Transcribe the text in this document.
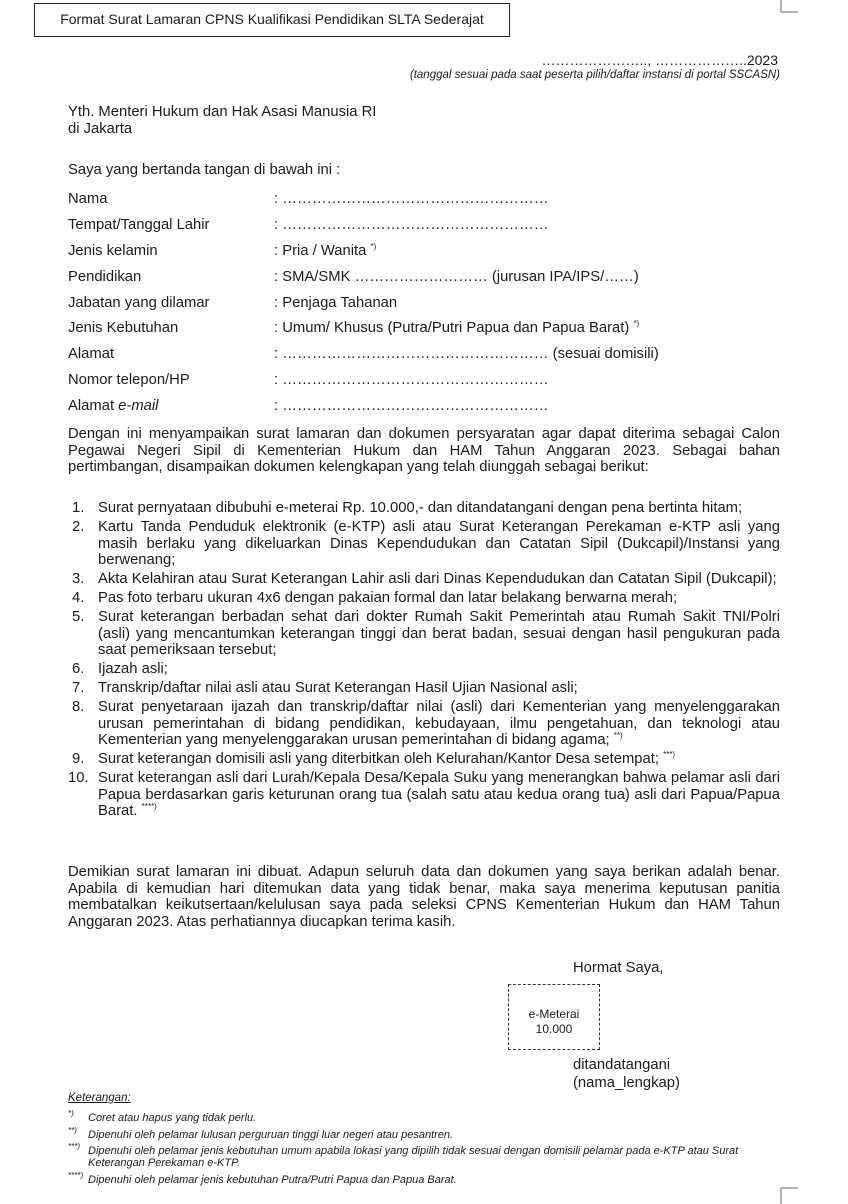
Format Surat Lamaran CPNS Kualifikasi Pendidikan SLTA Sederajat
………………….., ………………..2023
(tanggal sesuai pada saat peserta pilih/daftar instansi di portal SSCASN)
Yth. Menteri Hukum dan Hak Asasi Manusia RI
di Jakarta
Saya yang bertanda tangan di bawah ini :
Nama	: ………………………………………………
Tempat/Tanggal Lahir	: ………………………………………………
Jenis kelamin	: Pria / Wanita *)
Pendidikan	: SMA/SMK ……………………… (jurusan IPA/IPS/……)
Jabatan yang dilamar	: Penjaga Tahanan
Jenis Kebutuhan	: Umum/ Khusus (Putra/Putri Papua dan Papua Barat) *)
Alamat	: ……………………………………………… (sesuai domisili)
Nomor telepon/HP	: ………………………………………………
Alamat e-mail	: ………………………………………………

Dengan ini menyampaikan surat lamaran dan dokumen persyaratan agar dapat diterima sebagai Calon Pegawai Negeri Sipil di Kementerian Hukum dan HAM Tahun Anggaran 2023. Sebagai bahan pertimbangan, disampaikan dokumen kelengkapan yang telah diunggah sebagai berikut:

1. Surat pernyataan dibubuhi e-meterai Rp. 10.000,- dan ditandatangani dengan pena bertinta hitam;
2. Kartu Tanda Penduduk elektronik (e-KTP) asli atau Surat Keterangan Perekaman e-KTP asli yang masih berlaku yang dikeluarkan Dinas Kependudukan dan Catatan Sipil (Dukcapil)/Instansi yang berwenang;
3. Akta Kelahiran atau Surat Keterangan Lahir asli dari Dinas Kependudukan dan Catatan Sipil (Dukcapil);
4. Pas foto terbaru ukuran 4x6 dengan pakaian formal dan latar belakang berwarna merah;
5. Surat keterangan berbadan sehat dari dokter Rumah Sakit Pemerintah atau Rumah Sakit TNI/Polri (asli) yang mencantumkan keterangan tinggi dan berat badan, sesuai dengan hasil pengukuran pada saat pemeriksaan tersebut;
6. Ijazah asli;
7. Transkrip/daftar nilai asli atau Surat Keterangan Hasil Ujian Nasional asli;
8. Surat penyetaraan ijazah dan transkrip/daftar nilai (asli) dari Kementerian yang menyelenggarakan urusan pemerintahan di bidang pendidikan, kebudayaan, ilmu pengetahuan, dan teknologi atau Kementerian yang menyelenggarakan urusan pemerintahan di bidang agama; **)
9. Surat keterangan domisili asli yang diterbitkan oleh Kelurahan/Kantor Desa setempat; ***)
10. Surat keterangan asli dari Lurah/Kepala Desa/Kepala Suku yang menerangkan bahwa pelamar asli dari Papua berdasarkan garis keturunan orang tua (salah satu atau kedua orang tua) asli dari Papua/Papua Barat. ****)

Demikian surat lamaran ini dibuat. Adapun seluruh data dan dokumen yang saya berikan adalah benar. Apabila di kemudian hari ditemukan data yang tidak benar, maka saya menerima keputusan panitia membatalkan keikutsertaan/kelulusan saya pada seleksi CPNS Kementerian Hukum dan HAM Tahun Anggaran 2023. Atas perhatiannya diucapkan terima kasih.

Hormat Saya,
e-Meterai
10.000
ditandatangani
(nama_lengkap)
Keterangan:
*)	Coret atau hapus yang tidak perlu.
**)	Dipenuhi oleh pelamar lulusan perguruan tinggi luar negeri atau pesantren.
***) Dipenuhi oleh pelamar jenis kebutuhan umum apabila lokasi yang dipilih tidak sesuai dengan domisili pelamar pada e-KTP atau Surat Keterangan Perekaman e-KTP.
****) Dipenuhi oleh pelamar jenis kebutuhan Putra/Putri Papua dan Papua Barat.
